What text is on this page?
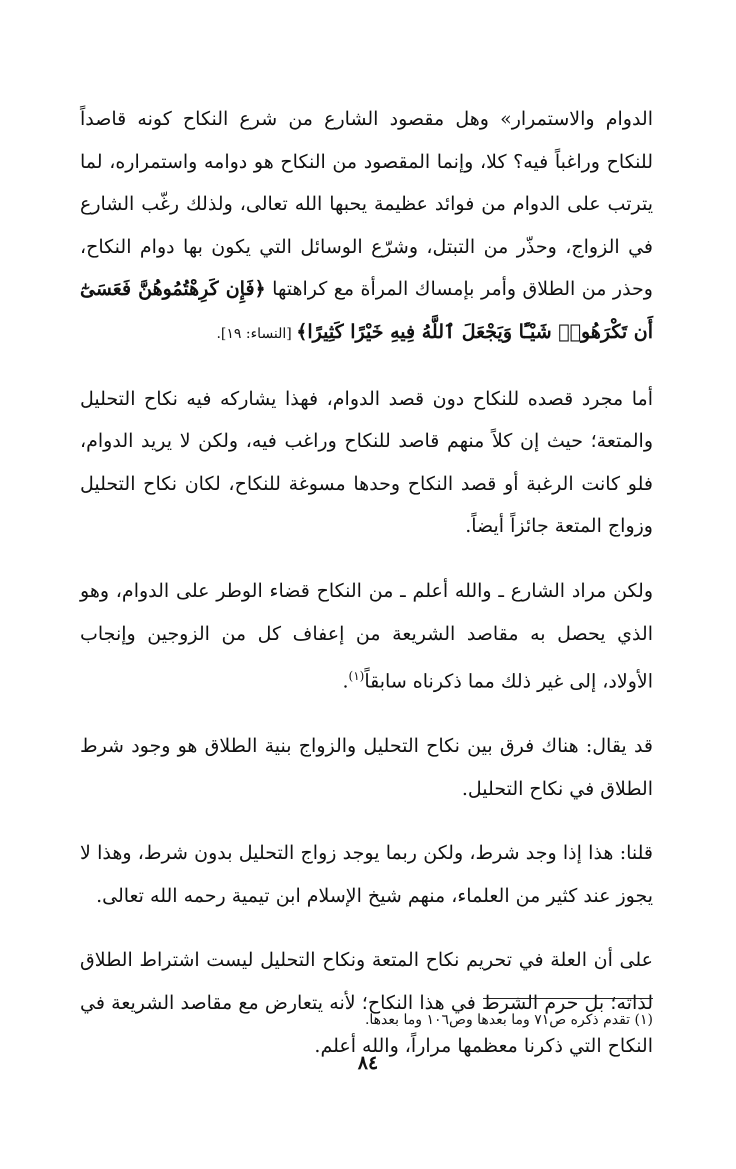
الدوام والاستمرار» وهل مقصود الشارع من شرع النكاح كونه قاصداً للنكاح وراغباً فيه؟ كلا، وإنما المقصود من النكاح هو دوامه واستمراره، لما يترتب على الدوام من فوائد عظيمة يحبها الله تعالى، ولذلك رغّب الشارع في الزواج، وحذّر من التبتل، وشرّع الوسائل التي يكون بها دوام النكاح، وحذر من الطلاق وأمر بإمساك المرأة مع كراهتها ﴿فَإِن كَرِهْتُمُوهُنَّ فَعَسَىٰٓ أَن تَكْرَهُوا۟ شَيْـًٔا وَيَجْعَلَ ٱللَّهُ فِيهِ خَيْرًا كَثِيرًا﴾ [النساء: ١٩].

أما مجرد قصده للنكاح دون قصد الدوام، فهذا يشاركه فيه نكاح التحليل والمتعة؛ حيث إن كلاً منهم قاصد للنكاح وراغب فيه، ولكن لا يريد الدوام، فلو كانت الرغبة أو قصد النكاح وحدها مسوغة للنكاح، لكان نكاح التحليل وزواج المتعة جائزاً أيضاً.

ولكن مراد الشارع ـ والله أعلم ـ من النكاح قضاء الوطر على الدوام، وهو الذي يحصل به مقاصد الشريعة من إعفاف كل من الزوجين وإنجاب الأولاد، إلى غير ذلك مما ذكرناه سابقاً$^{(١)}$.

قد يقال: هناك فرق بين نكاح التحليل والزواج بنية الطلاق هو وجود شرط الطلاق في نكاح التحليل.

قلنا: هذا إذا وجد شرط، ولكن ربما يوجد زواج التحليل بدون شرط، وهذا لا يجوز عند كثير من العلماء، منهم شيخ الإسلام ابن تيمية رحمه الله تعالى.

على أن العلة في تحريم نكاح المتعة ونكاح التحليل ليست اشتراط الطلاق لذاته؛ بل حرم الشرط في هذا النكاح؛ لأنه يتعارض مع مقاصد الشريعة في النكاح التي ذكرنا معظمها مراراً، والله أعلم.

(١) تقدم ذكره ص٧١ وما بعدها وص١٠٦ وما بعدها.
٨٤
